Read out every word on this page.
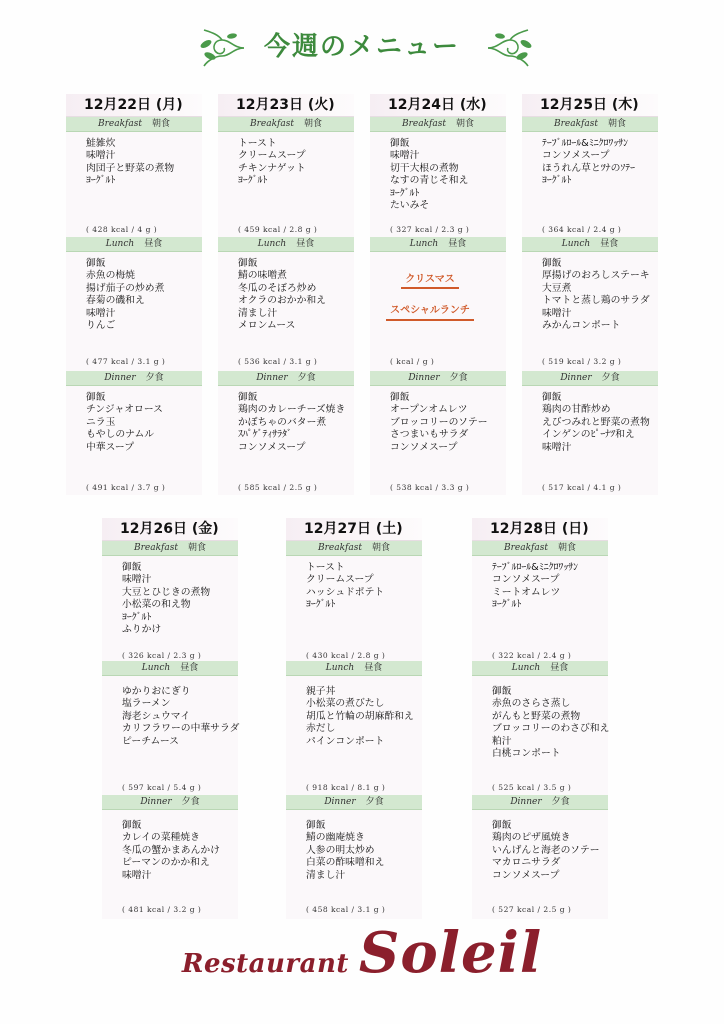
今週のメニュー
12月22日 (月)
Breakfast 朝食
鮭雑炊
味噌汁
肉団子と野菜の煮物
ﾖｰｸﾞﾙﾄ
( 428 kcal / 4 g )
Lunch 昼食
御飯
赤魚の梅焼
揚げ茄子の炒め煮
春菊の磯和え
味噌汁
りんご
( 477 kcal / 3.1 g )
Dinner 夕食
御飯
チンジャオロース
ニラ玉
もやしのナムル
中華スープ
( 491 kcal / 3.7 g )
12月23日 (火)
Breakfast 朝食
トースト
クリームスープ
チキンナゲット
ﾖｰｸﾞﾙﾄ
( 459 kcal / 2.8 g )
Lunch 昼食
御飯
鯖の味噌煮
冬瓜のそぼろ炒め
オクラのおかか和え
清まし汁
メロンムース
( 536 kcal / 3.1 g )
Dinner 夕食
御飯
鶏肉のカレーチーズ焼き
かぼちゃのバター煮
ｽﾊﾟｹﾞﾃｨｻﾗﾀﾞ
コンソメスープ
( 585 kcal / 2.5 g )
12月24日 (水)
Breakfast 朝食
御飯
味噌汁
切干大根の煮物
なすの青じそ和え
ﾖｰｸﾞﾙﾄ
たいみそ
( 327 kcal / 2.3 g )
Lunch 昼食
クリスマス
スペシャルランチ
( kcal / g )
Dinner 夕食
御飯
オープンオムレツ
ブロッコリーのソテー
さつまいもサラダ
コンソメスープ
( 538 kcal / 3.3 g )
12月25日 (木)
Breakfast 朝食
ﾃｰﾌﾞﾙﾛｰﾙ&ﾐﾆｸﾛﾜｯｻﾝ
コンソメスープ
ほうれん草とﾂﾅのｿﾃｰ
ﾖｰｸﾞﾙﾄ
( 364 kcal / 2.4 g )
Lunch 昼食
御飯
厚揚げのおろしステーキ
大豆煮
トマトと蒸し鶏のサラダ
味噌汁
みかんコンポート
( 519 kcal / 3.2 g )
Dinner 夕食
御飯
鶏肉の甘酢炒め
えびつみれと野菜の煮物
インゲンのﾋﾟｰﾅﾂ和え
味噌汁
( 517 kcal / 4.1 g )
12月26日 (金)
Breakfast 朝食
御飯
味噌汁
大豆とひじきの煮物
小松菜の和え物
ﾖｰｸﾞﾙﾄ
ふりかけ
( 326 kcal / 2.3 g )
Lunch 昼食
ゆかりおにぎり
塩ラーメン
海老シュウマイ
カリフラワーの中華サラダ
ピーチムース
( 597 kcal / 5.4 g )
Dinner 夕食
御飯
カレイの菜種焼き
冬瓜の蟹かまあんかけ
ピーマンのかか和え
味噌汁
( 481 kcal / 3.2 g )
12月27日 (土)
Breakfast 朝食
トースト
クリームスープ
ハッシュドポテト
ﾖｰｸﾞﾙﾄ
( 430 kcal / 2.8 g )
Lunch 昼食
親子丼
小松菜の煮びたし
胡瓜と竹輪の胡麻酢和え
赤だし
パインコンポート
( 918 kcal / 8.1 g )
Dinner 夕食
御飯
鯖の幽庵焼き
人参の明太炒め
白菜の酢味噌和え
清まし汁
( 458 kcal / 3.1 g )
12月28日 (日)
Breakfast 朝食
ﾃｰﾌﾞﾙﾛｰﾙ&ﾐﾆｸﾛﾜｯｻﾝ
コンソメスープ
ミートオムレツ
ﾖｰｸﾞﾙﾄ
( 322 kcal / 2.4 g )
Lunch 昼食
御飯
赤魚のさらさ蒸し
がんもと野菜の煮物
ブロッコリーのわさび和え
粕汁
白桃コンポート
( 525 kcal / 3.5 g )
Dinner 夕食
御飯
鶏肉のピザ風焼き
いんげんと海老のソテー
マカロニサラダ
コンソメスープ
( 527 kcal / 2.5 g )
Restaurant Soleil
